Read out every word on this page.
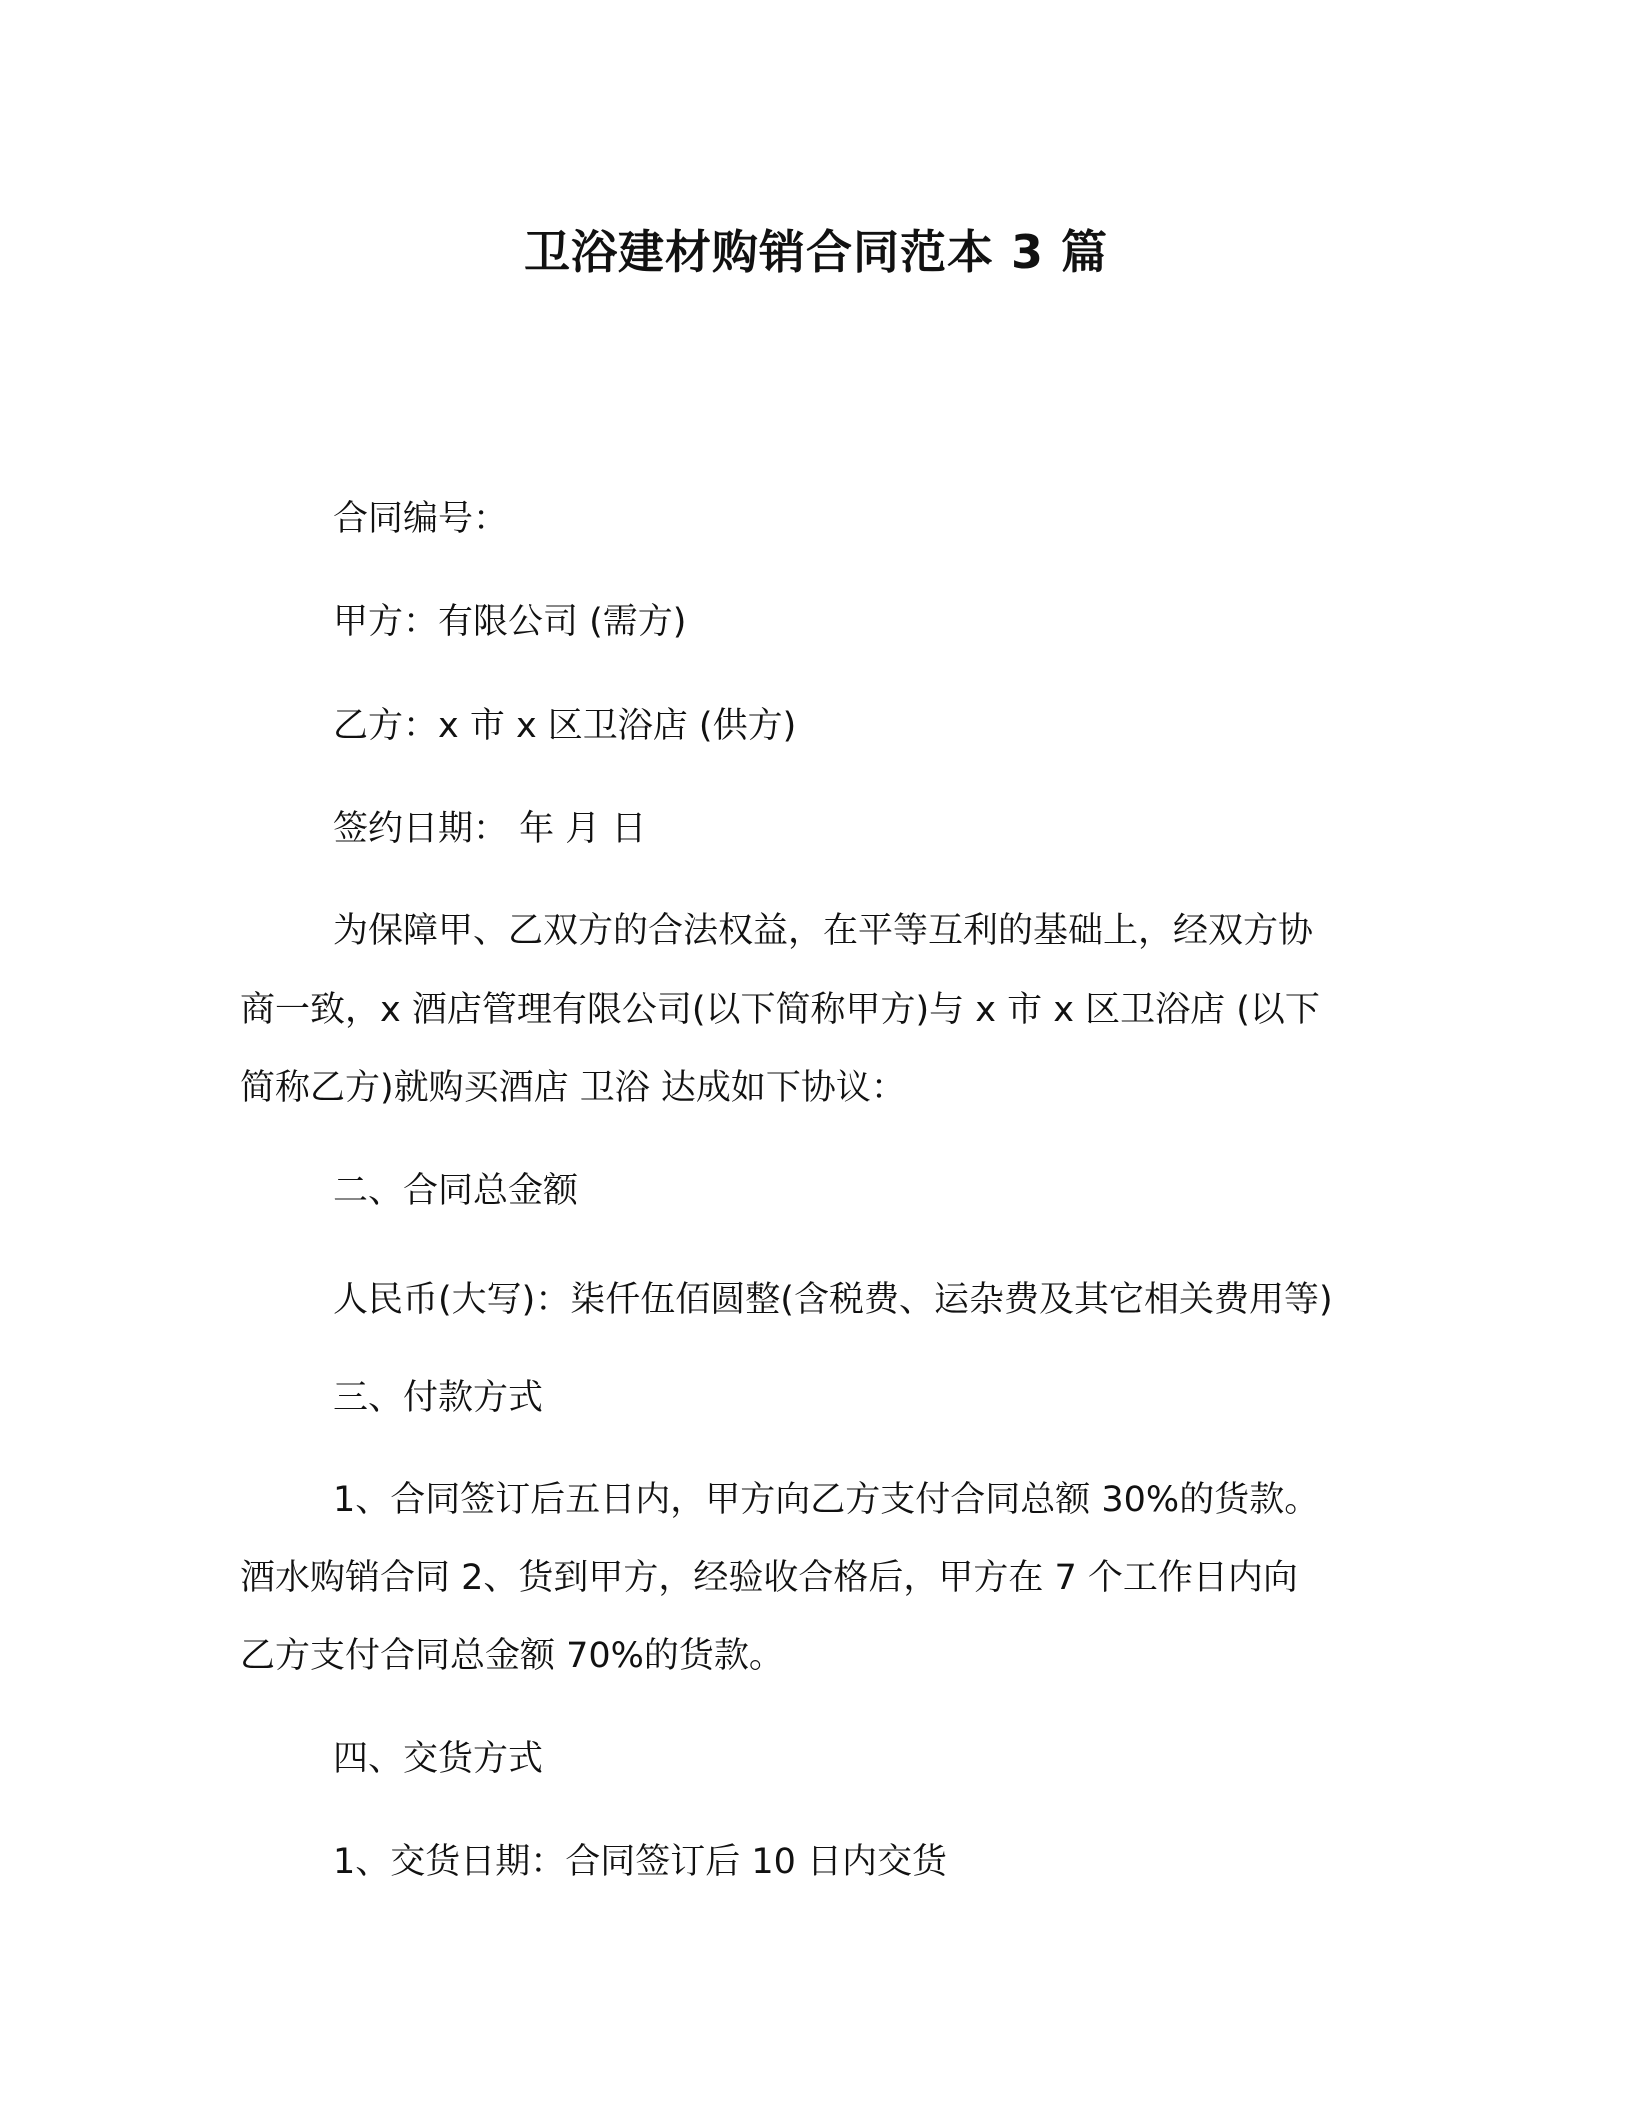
卫浴建材购销合同范本 3 篇
合同编号：
甲方：有限公司 (需方)
乙方：x 市 x 区卫浴店 (供方)
签约日期： 年 月 日
为保障甲、乙双方的合法权益，在平等互利的基础上，经双方协
商一致，x 酒店管理有限公司(以下简称甲方)与 x 市 x 区卫浴店 (以下
简称乙方)就购买酒店 卫浴 达成如下协议：
二、合同总金额
人民币(大写)：柒仟伍佰圆整(含税费、运杂费及其它相关费用等)
三、付款方式
1、合同签订后五日内，甲方向乙方支付合同总额 30%的货款。
酒水购销合同 2、货到甲方，经验收合格后，甲方在 7 个工作日内向
乙方支付合同总金额 70%的货款。
四、交货方式
1、交货日期：合同签订后 10 日内交货
